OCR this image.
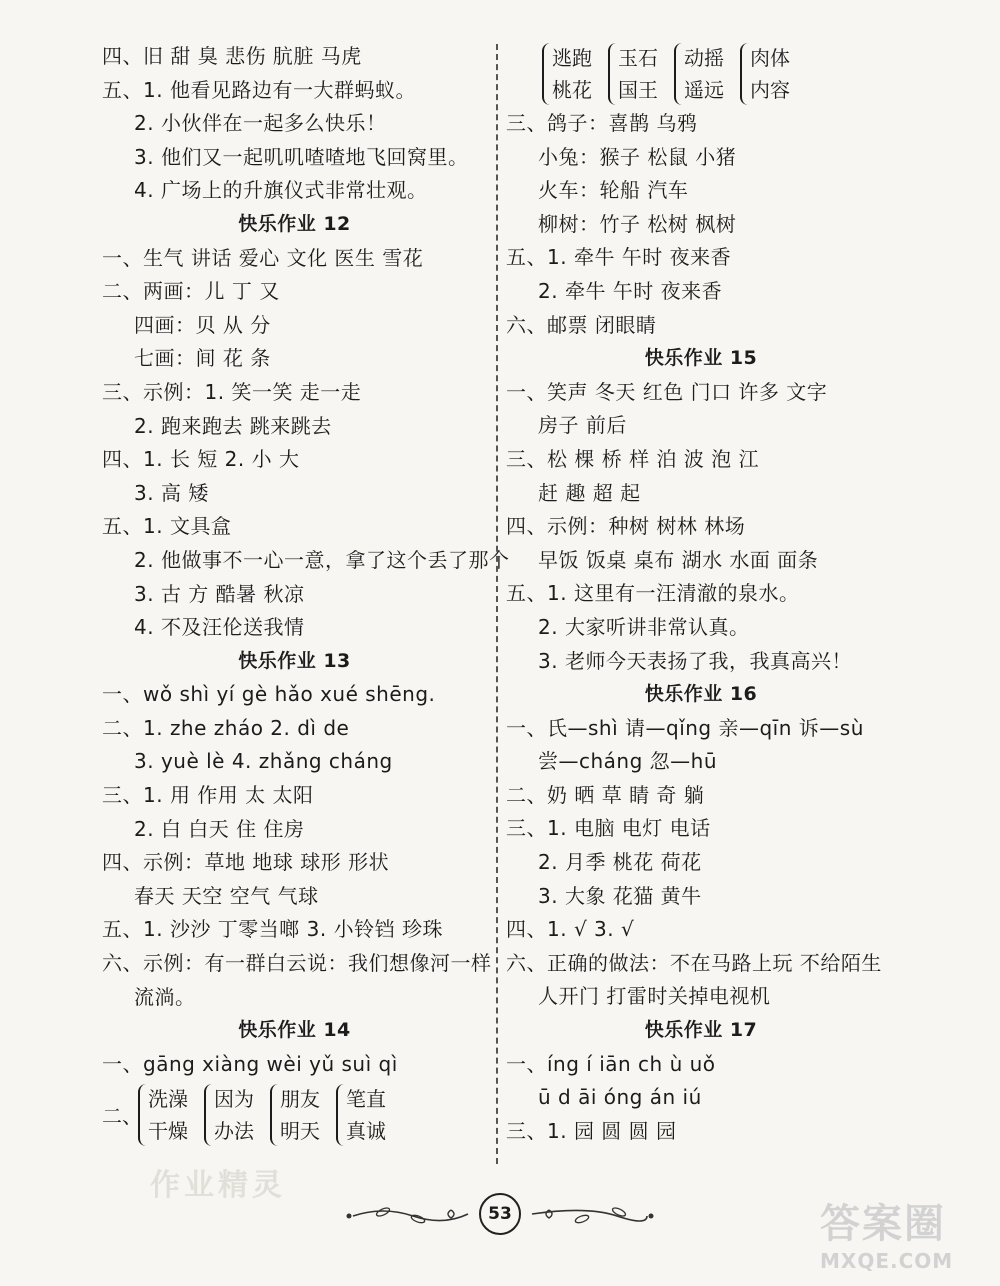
四、旧 甜 臭 悲伤 肮脏 马虎
五、1. 他看见路边有一大群蚂蚁。
2. 小伙伴在一起多么快乐！
3. 他们又一起叽叽喳喳地飞回窝里。
4. 广场上的升旗仪式非常壮观。
快乐作业 12
一、生气 讲话 爱心 文化 医生 雪花
二、两画：儿 丁 又
四画：贝 从 分
七画：间 花 条
三、示例：1. 笑一笑 走一走
2. 跑来跑去 跳来跳去
四、1. 长 短 2. 小 大
3. 高 矮
五、1. 文具盒
2. 他做事不一心一意，拿了这个丢了那个
3. 古 方 酷暑 秋凉
4. 不及汪伦送我情
快乐作业 13
一、wǒ shì yí gè hǎo xué shēng.
二、1. zhe zháo 2. dì de
3. yuè lè 4. zhǎng cháng
三、1. 用 作用 太 太阳
2. 白 白天 住 住房
四、示例：草地 地球 球形 形状
春天 天空 空气 气球
五、1. 沙沙 丁零当啷 3. 小铃铛 珍珠
六、示例：有一群白云说：我们想像河一样
流淌。
快乐作业 14
一、gāng xiàng wèi yǔ suì qì
二、
洗澡
干燥
因为
办法
朋友
明天
笔直
真诚
逃跑
桃花
玉石
国王
动摇
遥远
肉体
内容
三、鸽子：喜鹊 乌鸦
小兔：猴子 松鼠 小猪
火车：轮船 汽车
柳树：竹子 松树 枫树
五、1. 牵牛 午时 夜来香
2. 牵牛 午时 夜来香
六、邮票 闭眼睛
快乐作业 15
一、笑声 冬天 红色 门口 许多 文字
房子 前后
三、松 棵 桥 样 泊 波 泡 江
赶 趣 超 起
四、示例：种树 树林 林场
早饭 饭桌 桌布 湖水 水面 面条
五、1. 这里有一汪清澈的泉水。
2. 大家听讲非常认真。
3. 老师今天表扬了我，我真高兴！
快乐作业 16
一、氏—shì 请—qǐng 亲—qīn 诉—sù
尝—cháng 忽—hū
二、奶 晒 草 睛 奇 躺
三、1. 电脑 电灯 电话
2. 月季 桃花 荷花
3. 大象 花猫 黄牛
四、1. √ 3. √
六、正确的做法：不在马路上玩 不给陌生
人开门 打雷时关掉电视机
快乐作业 17
一、íng í iān ch ù uǒ
ū d āi óng án iú
三、1. 园 圆 圆 园
作业精灵
53	答案圈
MXQE.COM
